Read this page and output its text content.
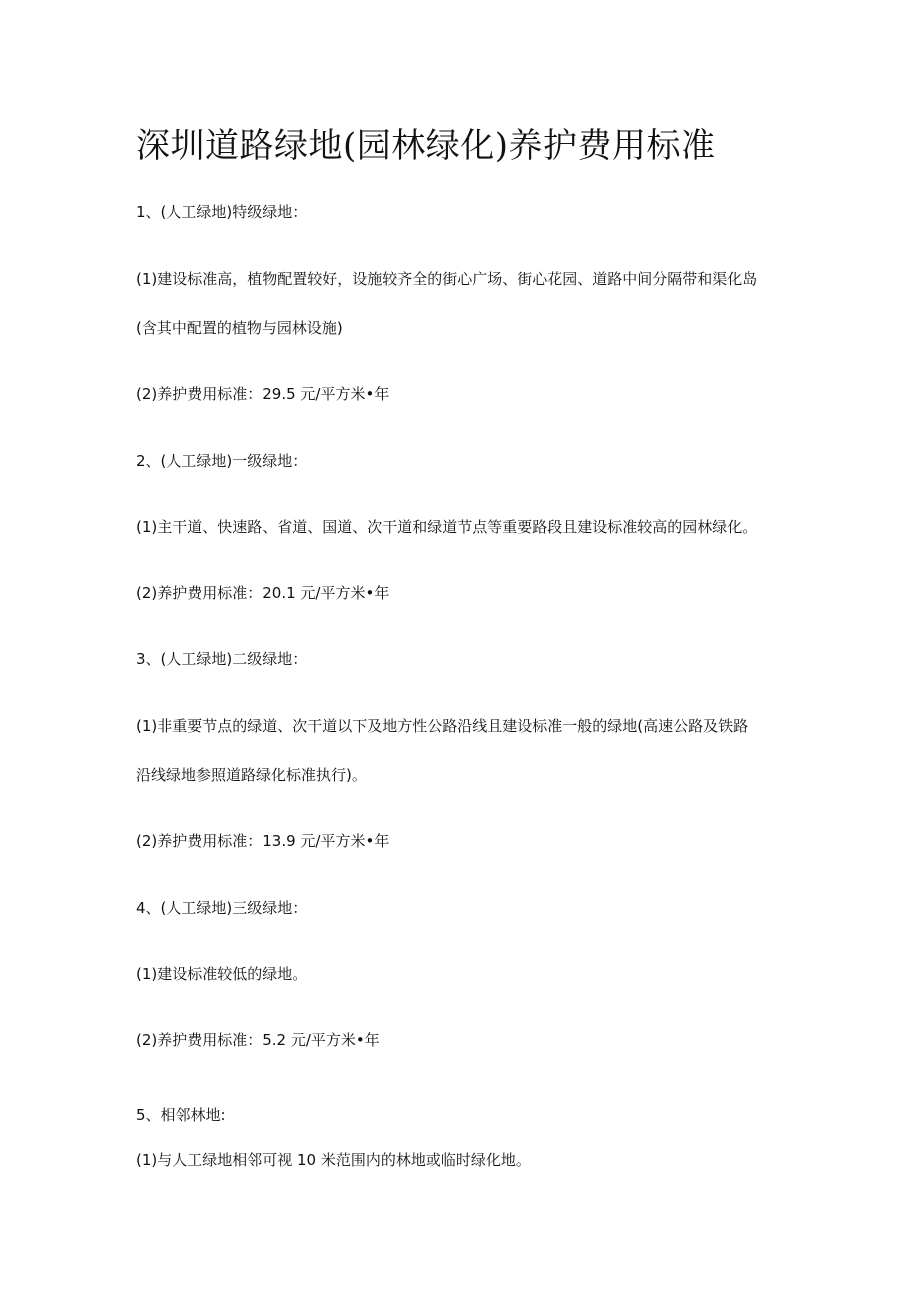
深圳道路绿地(园林绿化)养护费用标准

1、(人工绿地)特级绿地：

(1)建设标准高，植物配置较好，设施较齐全的街心广场、街心花园、道路中间分隔带和渠化岛

(含其中配置的植物与园林设施)

(2)养护费用标准：29.5 元/平方米•年

2、(人工绿地)一级绿地：

(1)主干道、快速路、省道、国道、次干道和绿道节点等重要路段且建设标准较高的园林绿化。

(2)养护费用标准：20.1 元/平方米•年

3、(人工绿地)二级绿地：

(1)非重要节点的绿道、次干道以下及地方性公路沿线且建设标准一般的绿地(高速公路及铁路

沿线绿地参照道路绿化标准执行)。

(2)养护费用标准：13.9 元/平方米•年

4、(人工绿地)三级绿地：

(1)建设标准较低的绿地。

(2)养护费用标准：5.2 元/平方米•年

5、相邻林地:

(1)与人工绿地相邻可视 10 米范围内的林地或临时绿化地。
